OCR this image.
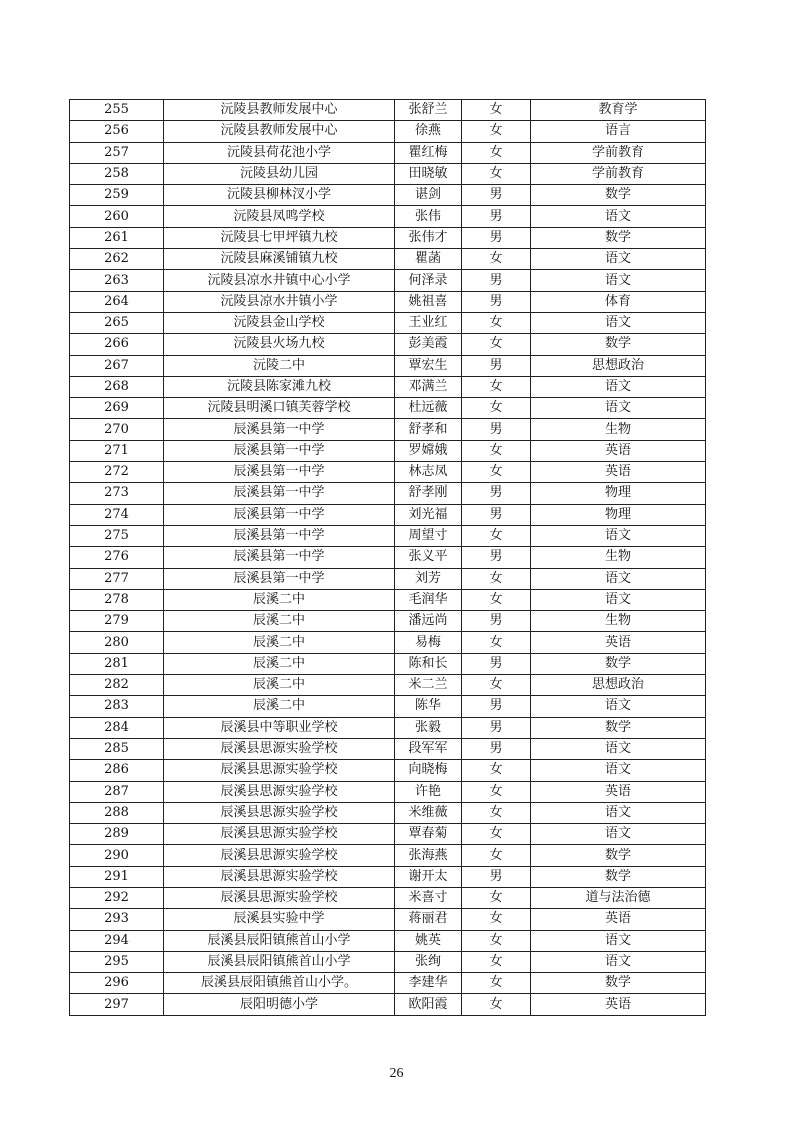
255	沅陵县教师发展中心	张舒兰	女	教育学
256	沅陵县教师发展中心	徐燕	女	语言
257	沅陵县荷花池小学	瞿红梅	女	学前教育
258	沅陵县幼儿园	田晓敏	女	学前教育
259	沅陵县柳林汊小学	谌剑	男	数学
260	沅陵县凤鸣学校	张伟	男	语文
261	沅陵县七甲坪镇九校	张伟才	男	数学
262	沅陵县麻溪铺镇九校	瞿菡	女	语文
263	沅陵县凉水井镇中心小学	何泽录	男	语文
264	沅陵县凉水井镇小学	姚祖喜	男	体育
265	沅陵县金山学校	王业红	女	语文
266	沅陵县火场九校	彭美霞	女	数学
267	沅陵二中	覃宏生	男	思想政治
268	沅陵县陈家滩九校	邓满兰	女	语文
269	沅陵县明溪口镇芙蓉学校	杜远薇	女	语文
270	辰溪县第一中学	舒孝和	男	生物
271	辰溪县第一中学	罗嫦娥	女	英语
272	辰溪县第一中学	林志凤	女	英语
273	辰溪县第一中学	舒孝刚	男	物理
274	辰溪县第一中学	刘光福	男	物理
275	辰溪县第一中学	周望寸	女	语文
276	辰溪县第一中学	张义平	男	生物
277	辰溪县第一中学	刘芳	女	语文
278	辰溪二中	毛润华	女	语文
279	辰溪二中	潘远尚	男	生物
280	辰溪二中	易梅	女	英语
281	辰溪二中	陈和长	男	数学
282	辰溪二中	米二兰	女	思想政治
283	辰溪二中	陈华	男	语文
284	辰溪县中等职业学校	张毅	男	数学
285	辰溪县思源实验学校	段军军	男	语文
286	辰溪县思源实验学校	向晓梅	女	语文
287	辰溪县思源实验学校	许艳	女	英语
288	辰溪县思源实验学校	米维薇	女	语文
289	辰溪县思源实验学校	覃春菊	女	语文
290	辰溪县思源实验学校	张海燕	女	数学
291	辰溪县思源实验学校	谢开太	男	数学
292	辰溪县思源实验学校	米喜寸	女	道与法治德
293	辰溪县实验中学	蒋丽君	女	英语
294	辰溪县辰阳镇熊首山小学	姚英	女	语文
295	辰溪县辰阳镇熊首山小学	张绚	女	语文
296	辰溪县辰阳镇熊首山小学。	李建华	女	数学
297	辰阳明德小学	欧阳霞	女	英语
26
